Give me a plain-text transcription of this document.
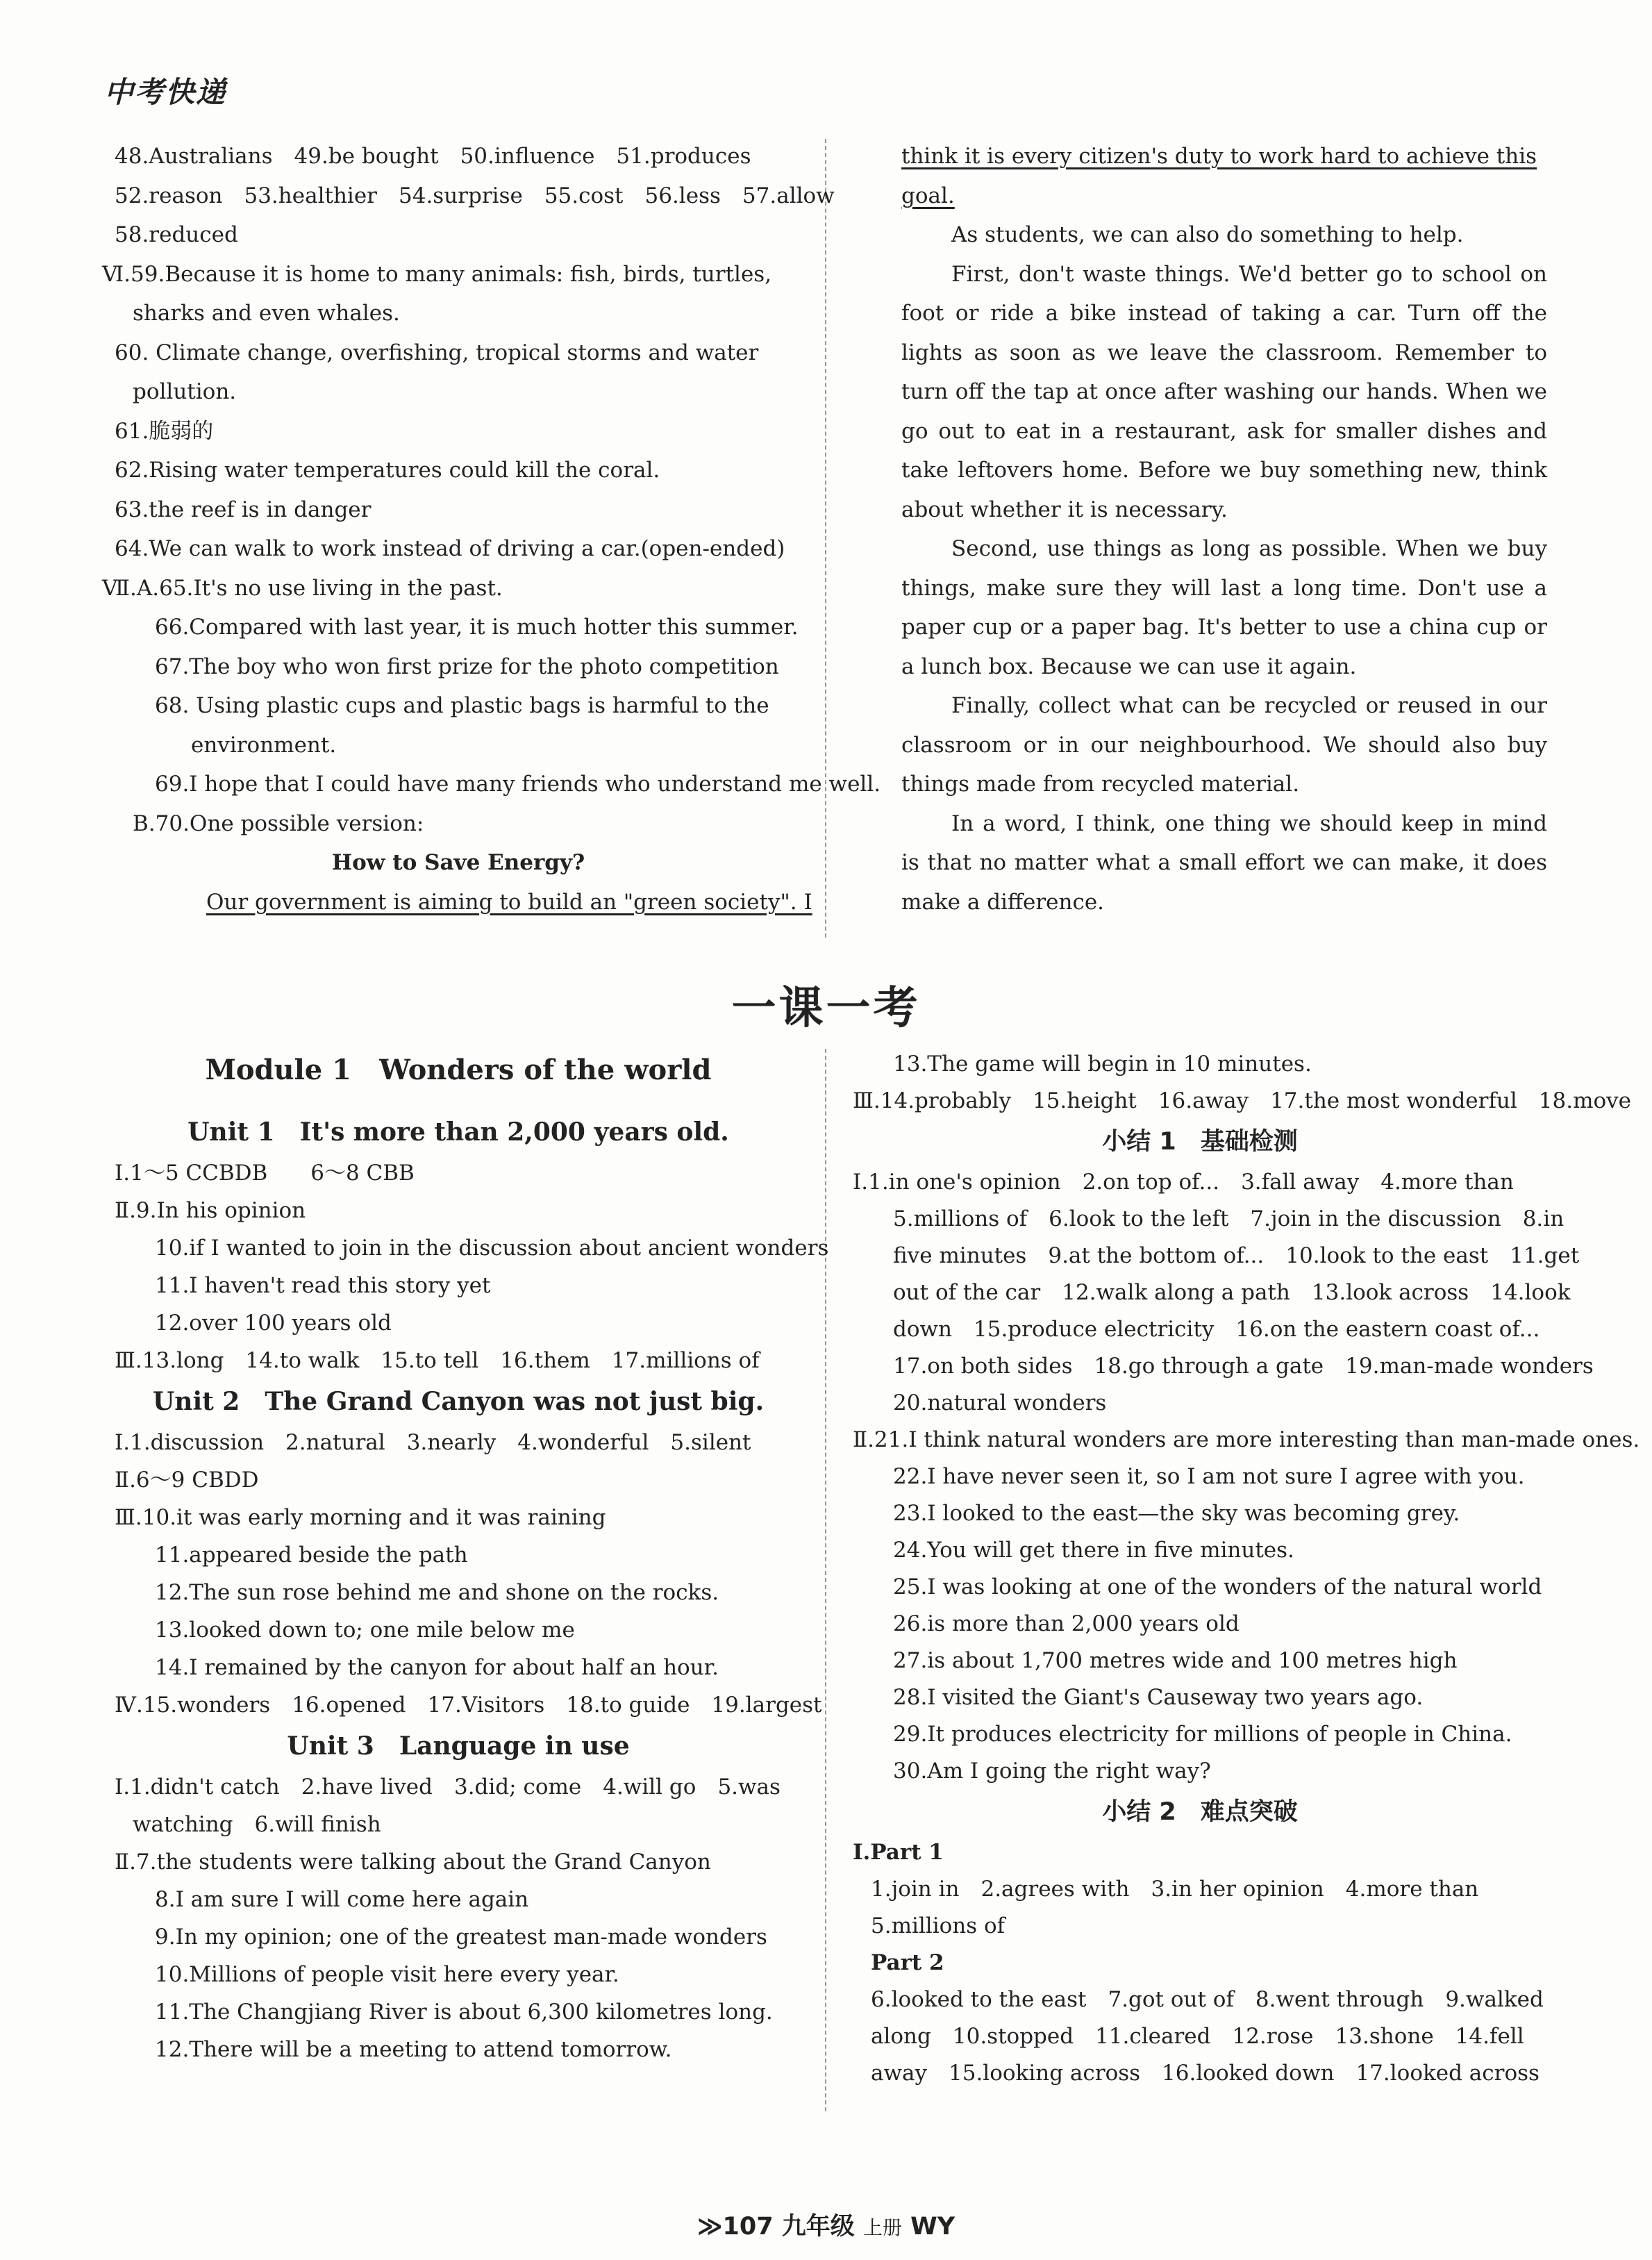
中考快递
48.Australians　49.be bought　50.influence　51.produces
52.reason　53.healthier　54.surprise　55.cost　56.less　57.allow
58.reduced
Ⅵ.59.Because it is home to many animals: fish, birds, turtles,
sharks and even whales.
60. Climate change, overfishing, tropical storms and water
pollution.
61.脆弱的
62.Rising water temperatures could kill the coral.
63.the reef is in danger
64.We can walk to work instead of driving a car.(open-ended)
Ⅶ.A.65.It's no use living in the past.
66.Compared with last year, it is much hotter this summer.
67.The boy who won first prize for the photo competition
68. Using plastic cups and plastic bags is harmful to the
environment.
69.I hope that I could have many friends who understand me well.
B.70.One possible version:
How to Save Energy?
Our government is aiming to build an "green society". I
think it is every citizen's duty to work hard to achieve this
goal.
As students, we can also do something to help.
First, don't waste things. We'd better go to school on foot or ride a bike instead of taking a car. Turn off the lights as soon as we leave the classroom. Remember to turn off the tap at once after washing our hands. When we go out to eat in a restaurant, ask for smaller dishes and take leftovers home. Before we buy something new, think about whether it is necessary.
Second, use things as long as possible. When we buy things, make sure they will last a long time. Don't use a paper cup or a paper bag. It's better to use a china cup or a lunch box. Because we can use it again.
Finally, collect what can be recycled or reused in our classroom or in our neighbourhood. We should also buy things made from recycled material.
In a word, I think, one thing we should keep in mind is that no matter what a small effort we can make, it does make a difference.
一课一考
Module 1　Wonders of the world
Unit 1　It's more than 2,000 years old.
Ⅰ.1～5 CCBDB　　6～8 CBB
Ⅱ.9.In his opinion
10.if I wanted to join in the discussion about ancient wonders
11.I haven't read this story yet
12.over 100 years old
Ⅲ.13.long　14.to walk　15.to tell　16.them　17.millions of
Unit 2　The Grand Canyon was not just big.
Ⅰ.1.discussion　2.natural　3.nearly　4.wonderful　5.silent
Ⅱ.6～9 CBDD
Ⅲ.10.it was early morning and it was raining
11.appeared beside the path
12.The sun rose behind me and shone on the rocks.
13.looked down to; one mile below me
14.I remained by the canyon for about half an hour.
Ⅳ.15.wonders　16.opened　17.Visitors　18.to guide　19.largest
Unit 3　Language in use
Ⅰ.1.didn't catch　2.have lived　3.did; come　4.will go　5.was
watching　6.will finish
Ⅱ.7.the students were talking about the Grand Canyon
8.I am sure I will come here again
9.In my opinion; one of the greatest man-made wonders
10.Millions of people visit here every year.
11.The Changjiang River is about 6,300 kilometres long.
12.There will be a meeting to attend tomorrow.
13.The game will begin in 10 minutes.
Ⅲ.14.probably　15.height　16.away　17.the most wonderful　18.move
小结 1　基础检测
Ⅰ.1.in one's opinion　2.on top of...　3.fall away　4.more than
5.millions of　6.look to the left　7.join in the discussion　8.in
five minutes　9.at the bottom of...　10.look to the east　11.get
out of the car　12.walk along a path　13.look across　14.look
down　15.produce electricity　16.on the eastern coast of...
17.on both sides　18.go through a gate　19.man-made wonders
20.natural wonders
Ⅱ.21.I think natural wonders are more interesting than man-made ones.
22.I have never seen it, so I am not sure I agree with you.
23.I looked to the east—the sky was becoming grey.
24.You will get there in five minutes.
25.I was looking at one of the wonders of the natural world
26.is more than 2,000 years old
27.is about 1,700 metres wide and 100 metres high
28.I visited the Giant's Causeway two years ago.
29.It produces electricity for millions of people in China.
30.Am I going the right way?
小结 2　难点突破
Ⅰ.Part 1
1.join in　2.agrees with　3.in her opinion　4.more than
5.millions of
Part 2
6.looked to the east　7.got out of　8.went through　9.walked
along　10.stopped　11.cleared　12.rose　13.shone　14.fell
away　15.looking across　16.looked down　17.looked across
≫107 九年级 上册 WY
